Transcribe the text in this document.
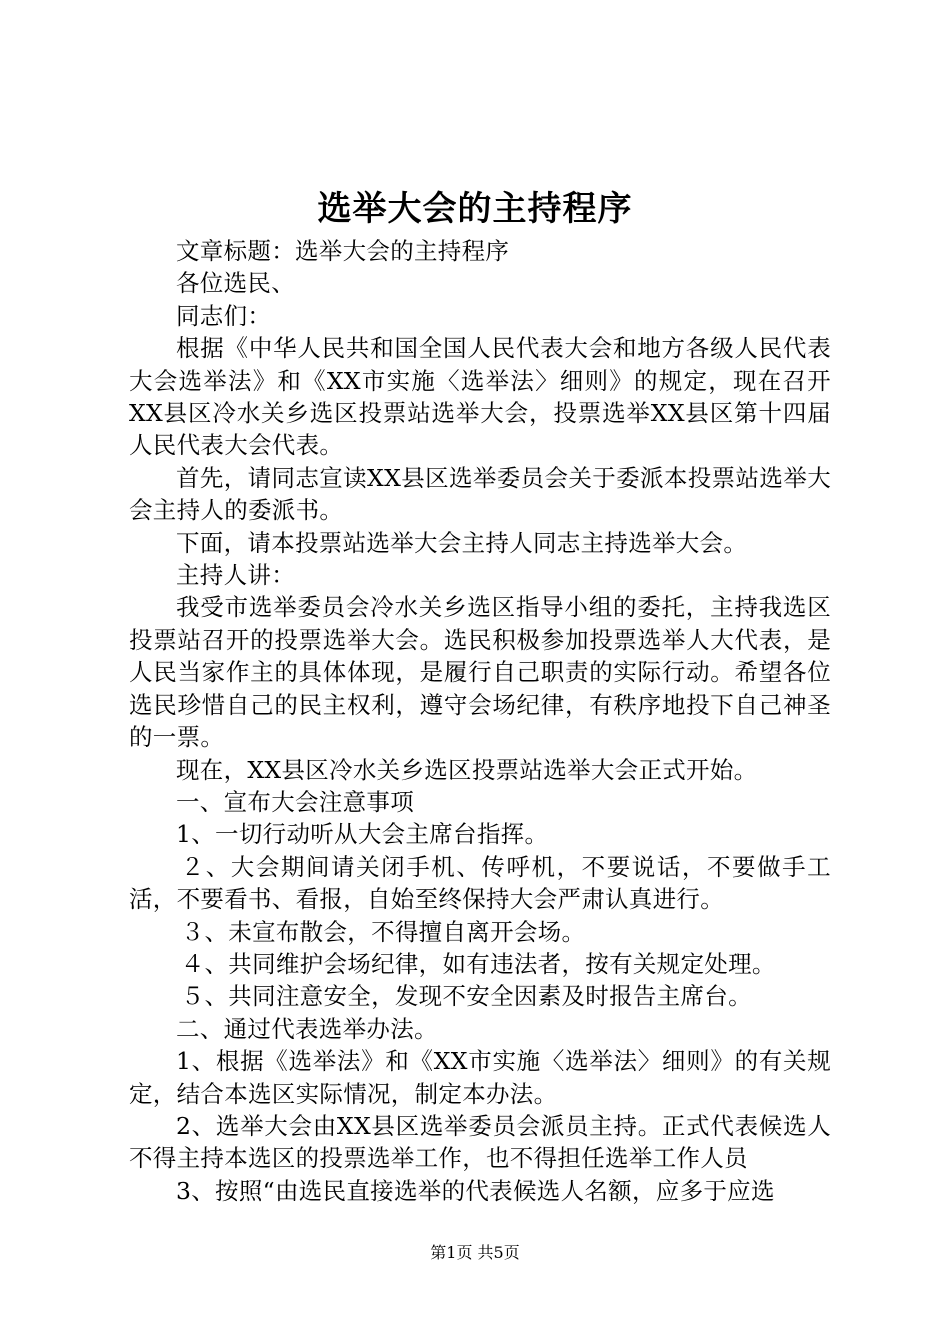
选举大会的主持程序

文章标题：选举大会的主持程序

各位选民、

同志们：

根据《中华人民共和国全国人民代表大会和地方各级人民代表大会选举法》和《XX市实施〈选举法〉细则》的规定，现在召开XX县区冷水关乡选区投票站选举大会，投票选举XX县区第十四届人民代表大会代表。

首先，请同志宣读XX县区选举委员会关于委派本投票站选举大会主持人的委派书。

下面，请本投票站选举大会主持人同志主持选举大会。

主持人讲：

我受市选举委员会冷水关乡选区指导小组的委托，主持我选区投票站召开的投票选举大会。选民积极参加投票选举人大代表，是人民当家作主的具体体现，是履行自己职责的实际行动。希望各位选民珍惜自己的民主权利，遵守会场纪律，有秩序地投下自己神圣的一票。

现在，XX县区冷水关乡选区投票站选举大会正式开始。

一、宣布大会注意事项

1、一切行动听从大会主席台指挥。

２、大会期间请关闭手机、传呼机，不要说话，不要做手工活，不要看书、看报，自始至终保持大会严肃认真进行。

３、未宣布散会，不得擅自离开会场。

４、共同维护会场纪律，如有违法者，按有关规定处理。

５、共同注意安全，发现不安全因素及时报告主席台。

二、通过代表选举办法。

1、根据《选举法》和《XX市实施〈选举法〉细则》的有关规定，结合本选区实际情况，制定本办法。

2、选举大会由XX县区选举委员会派员主持。正式代表候选人不得主持本选区的投票选举工作，也不得担任选举工作人员

3、按照“由选民直接选举的代表候选人名额，应多于应选

第1页 共5页
